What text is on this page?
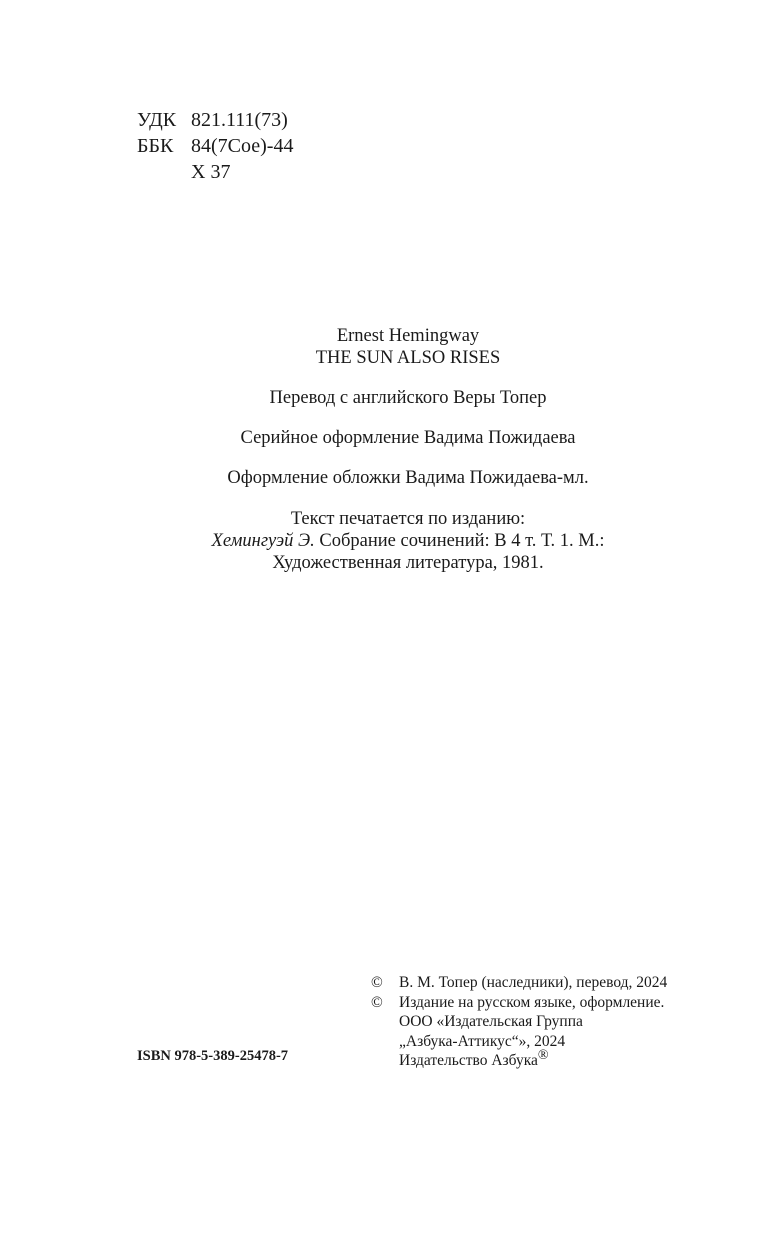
УДК 821.111(73)
ББК 84(7Сое)-44
Х 37
Ernest Hemingway
THE SUN ALSO RISES
Перевод с английского Веры Топер
Серийное оформление Вадима Пожидаева
Оформление обложки Вадима Пожидаева-мл.
Текст печатается по изданию:
Хемингуэй Э. Собрание сочинений: В 4 т. Т. 1. М.:
Художественная литература, 1981.
ISBN 978-5-389-25478-7
© В. М. Топер (наследники), перевод, 2024
© Издание на русском языке, оформление.
ООО «Издательская Группа
„Азбука-Аттикус“», 2024
Издательство Азбука®
